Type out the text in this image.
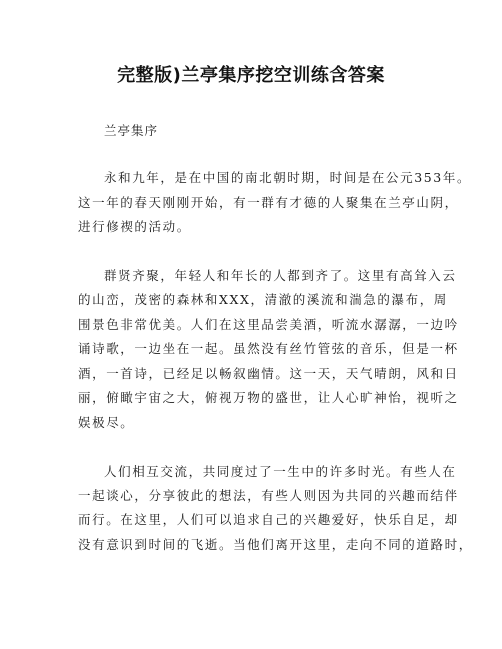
完整版)兰亭集序挖空训练含答案
兰亭集序
永和九年，是在中国的南北朝时期，时间是在公元353年。
这一年的春天刚刚开始，有一群有才德的人聚集在兰亭山阴，
进行修禊的活动。
群贤齐聚，年轻人和年长的人都到齐了。这里有高耸入云
的山峦，茂密的森林和XXX，清澈的溪流和湍急的瀑布，周
围景色非常优美。人们在这里品尝美酒，听流水潺潺，一边吟
诵诗歌，一边坐在一起。虽然没有丝竹管弦的音乐，但是一杯
酒，一首诗，已经足以畅叙幽情。这一天，天气晴朗，风和日
丽，俯瞰宇宙之大，俯视万物的盛世，让人心旷神怡，视听之
娱极尽。
人们相互交流，共同度过了一生中的许多时光。有些人在
一起谈心，分享彼此的想法，有些人则因为共同的兴趣而结伴
而行。在这里，人们可以追求自己的兴趣爱好，快乐自足，却
没有意识到时间的飞逝。当他们离开这里，走向不同的道路时，
